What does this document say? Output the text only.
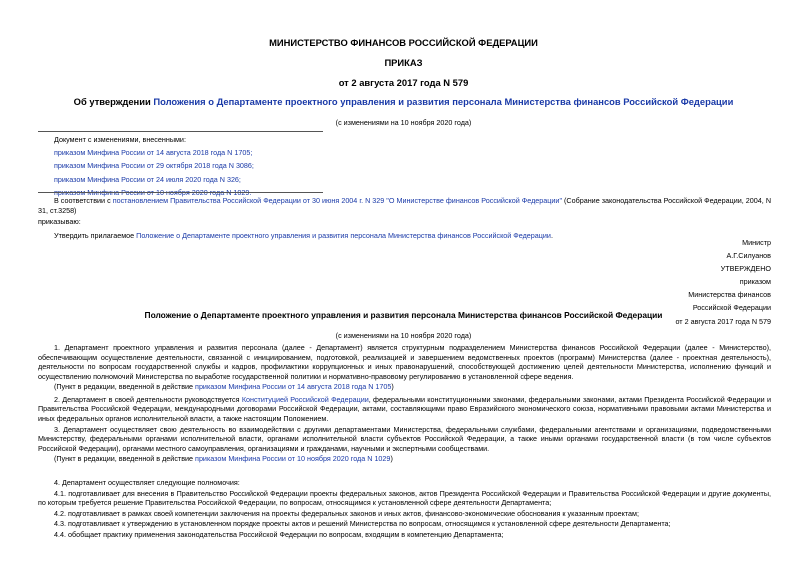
МИНИСТЕРСТВО ФИНАНСОВ РОССИЙСКОЙ ФЕДЕРАЦИИ
ПРИКАЗ
от 2 августа 2017 года N 579
Об утверждении Положения о Департаменте проектного управления и развития персонала Министерства финансов Российской Федерации
(с изменениями на 10 ноября 2020 года)
Документ с изменениями, внесенными:
приказом Минфина России от 14 августа 2018 года N 1705;
приказом Минфина России от 29 октября 2018 года N 3086;
приказом Минфина России от 24 июля 2020 года N 326;
приказом Минфина России от 10 ноября 2020 года N 1029.

В соответствии с постановлением Правительства Российской Федерации от 30 июня 2004 г. N 329 "О Министерстве финансов Российской Федерации" (Собрание законодательства Российской Федерации, 2004, N 31, ст.3258)

приказываю:

Утвердить прилагаемое Положение о Департаменте проектного управления и развития персонала Министерства финансов Российской Федерации.

Министр
А.Г.Силуанов
УТВЕРЖДЕНО
приказом
Министерства финансов
Российской Федерации
от 2 августа 2017 года N 579
Положение о Департаменте проектного управления и развития персонала Министерства финансов Российской Федерации
(с изменениями на 10 ноября 2020 года)

1. Департамент проектного управления и развития персонала (далее - Департамент) является структурным подразделением Министерства финансов Российской Федерации (далее - Министерство), обеспечивающим осуществление деятельности, связанной с инициированием, подготовкой, реализацией и завершением ведомственных проектов (программ) Министерства (далее - проектная деятельность), деятельности по вопросам государственной службы и кадров, профилактики коррупционных и иных правонарушений, способствующей достижению целей деятельности Министерства, исполнению функций и осуществлению полномочий Министерства по выработке государственной политики и нормативно-правовому регулированию в установленной сфере ведения.

(Пункт в редакции, введенной в действие приказом Минфина России от 14 августа 2018 года N 1705)

2. Департамент в своей деятельности руководствуется Конституцией Российской Федерации, федеральными конституционными законами, федеральными законами, актами Президента Российской Федерации и Правительства Российской Федерации, международными договорами Российской Федерации, актами, составляющими право Евразийского экономического союза, нормативными правовыми актами Министерства и иных федеральных органов исполнительной власти, а также настоящим Положением.

3. Департамент осуществляет свою деятельность во взаимодействии с другими департаментами Министерства, федеральными службами, федеральными агентствами и организациями, подведомственными Министерству, федеральными органами исполнительной власти, органами исполнительной власти субъектов Российской Федерации, а также иными органами государственной власти (в том числе субъектов Российской Федерации), органами местного самоуправления, организациями и гражданами, научными и экспертными сообществами.

(Пункт в редакции, введенной в действие приказом Минфина России от 10 ноября 2020 года N 1029)

4. Департамент осуществляет следующие полномочия:

4.1. подготавливает для внесения в Правительство Российской Федерации проекты федеральных законов, актов Президента Российской Федерации и Правительства Российской Федерации и другие документы, по которым требуется решение Правительства Российской Федерации, по вопросам, относящимся к установленной сфере деятельности Департамента;

4.2. подготавливает в рамках своей компетенции заключения на проекты федеральных законов и иных актов, финансово-экономические обоснования к указанным проектам;

4.3. подготавливает к утверждению в установленном порядке проекты актов и решений Министерства по вопросам, относящимся к установленной сфере деятельности Департамента;

4.4. обобщает практику применения законодательства Российской Федерации по вопросам, входящим в компетенцию Департамента;
